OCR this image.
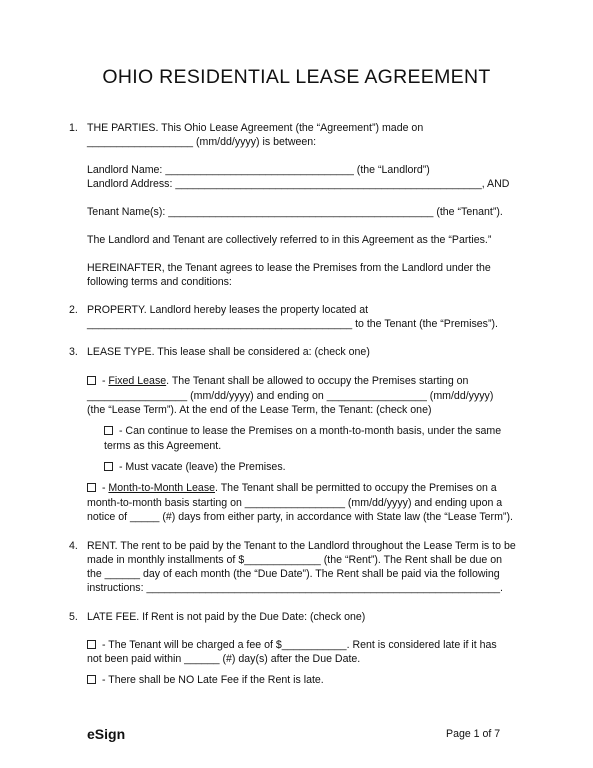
OHIO RESIDENTIAL LEASE AGREEMENT
1. THE PARTIES. This Ohio Lease Agreement (the “Agreement”) made on

__________________ (mm/dd/yyyy) is between:

Landlord Name: ________________________________ (the “Landlord”)

Landlord Address: ____________________________________________________, AND

Tenant Name(s): _____________________________________________ (the “Tenant”).

The Landlord and Tenant are collectively referred to in this Agreement as the “Parties.”

HEREINAFTER, the Tenant agrees to lease the Premises from the Landlord under the

following terms and conditions:

2. PROPERTY. Landlord hereby leases the property located at

_____________________________________________ to the Tenant (the “Premises”).

3. LEASE TYPE. This lease shall be considered a: (check one)

- Fixed Lease. The Tenant shall be allowed to occupy the Premises starting on

_________________ (mm/dd/yyyy) and ending on _________________ (mm/dd/yyyy)

(the “Lease Term”). At the end of the Lease Term, the Tenant: (check one)

- Can continue to lease the Premises on a month-to-month basis, under the same

terms as this Agreement.

- Must vacate (leave) the Premises.

- Month-to-Month Lease. The Tenant shall be permitted to occupy the Premises on a

month-to-month basis starting on _________________ (mm/dd/yyyy) and ending upon a

notice of _____ (#) days from either party, in accordance with State law (the “Lease Term”).

4. RENT. The rent to be paid by the Tenant to the Landlord throughout the Lease Term is to be

made in monthly installments of $_____________ (the “Rent”). The Rent shall be due on

the ______ day of each month (the “Due Date”). The Rent shall be paid via the following

instructions: ____________________________________________________________.

5. LATE FEE. If Rent is not paid by the Due Date: (check one)

- The Tenant will be charged a fee of $___________. Rent is considered late if it has

not been paid within ______ (#) day(s) after the Due Date.

- There shall be NO Late Fee if the Rent is late.

eSign	Page 1 of 7
